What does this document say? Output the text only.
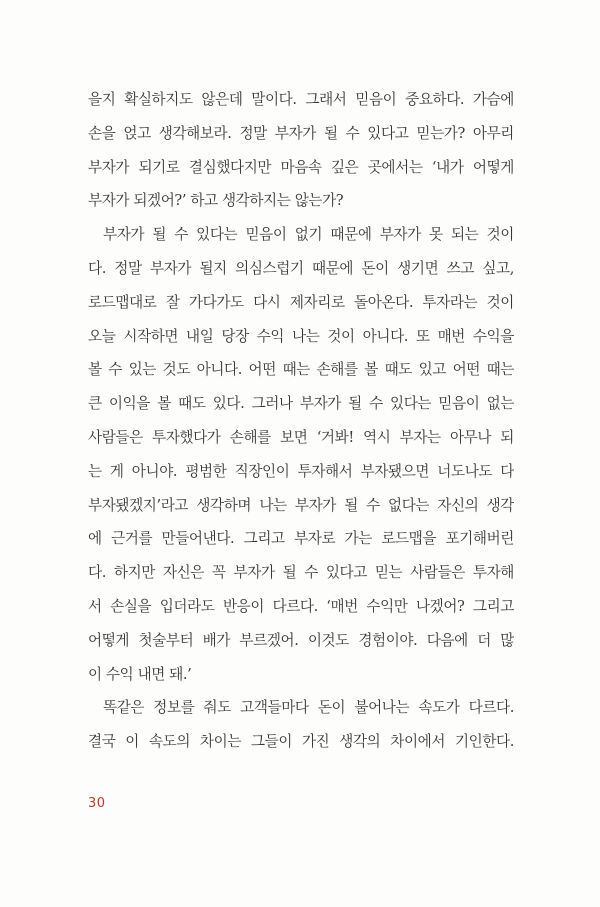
을지 확실하지도 않은데 말이다. 그래서 믿음이 중요하다. 가슴에
손을 얹고 생각해보라. 정말 부자가 될 수 있다고 믿는가? 아무리
부자가 되기로 결심했다지만 마음속 깊은 곳에서는 ‘내가 어떻게
부자가 되겠어?’ 하고 생각하지는 않는가?
부자가 될 수 있다는 믿음이 없기 때문에 부자가 못 되는 것이
다. 정말 부자가 될지 의심스럽기 때문에 돈이 생기면 쓰고 싶고,
로드맵대로 잘 가다가도 다시 제자리로 돌아온다. 투자라는 것이
오늘 시작하면 내일 당장 수익 나는 것이 아니다. 또 매번 수익을
볼 수 있는 것도 아니다. 어떤 때는 손해를 볼 때도 있고 어떤 때는
큰 이익을 볼 때도 있다. 그러나 부자가 될 수 있다는 믿음이 없는
사람들은 투자했다가 손해를 보면 ‘거봐! 역시 부자는 아무나 되
는 게 아니야. 평범한 직장인이 투자해서 부자됐으면 너도나도 다
부자됐겠지’라고 생각하며 나는 부자가 될 수 없다는 자신의 생각
에 근거를 만들어낸다. 그리고 부자로 가는 로드맵을 포기해버린
다. 하지만 자신은 꼭 부자가 될 수 있다고 믿는 사람들은 투자해
서 손실을 입더라도 반응이 다르다. ‘매번 수익만 나겠어? 그리고
어떻게 첫술부터 배가 부르겠어. 이것도 경험이야. 다음에 더 많
이 수익 내면 돼.’
똑같은 정보를 줘도 고객들마다 돈이 불어나는 속도가 다르다.
결국 이 속도의 차이는 그들이 가진 생각의 차이에서 기인한다.
30
